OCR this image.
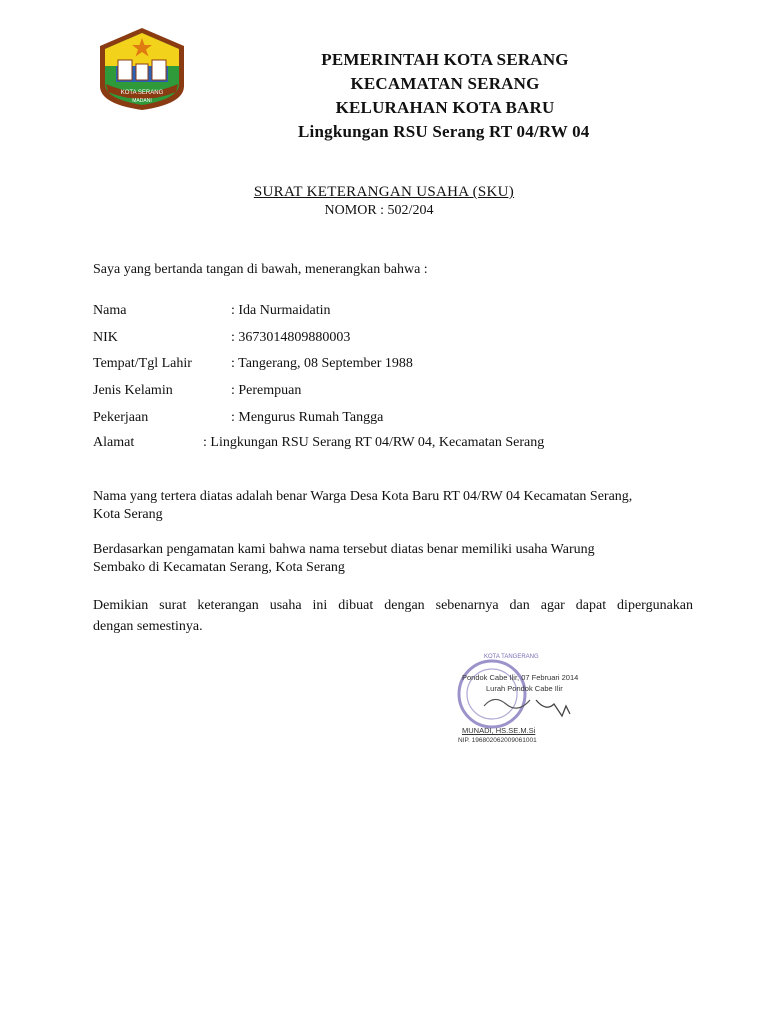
KOTA SERANG
MADANI
PEMERINTAH KOTA SERANG
KECAMATAN SERANG
KELURAHAN KOTA BARU
Lingkungan RSU Serang RT 04/RW 04
SURAT KETERANGAN USAHA (SKU)
NOMOR : 502/204
Saya yang bertanda tangan di bawah, menerangkan bahwa :
Nama	: Ida Nurmaidatin
NIK	: 3673014809880003
Tempat/Tgl Lahir	: Tangerang, 08 September 1988
Jenis Kelamin	: Perempuan
Pekerjaan	: Mengurus Rumah Tangga
Alamat	: Lingkungan RSU Serang RT 04/RW 04, Kecamatan Serang
Nama yang tertera diatas adalah benar Warga Desa Kota Baru RT 04/RW 04 Kecamatan Serang,
Kota Serang
Berdasarkan pengamatan kami bahwa nama tersebut diatas benar memiliki usaha Warung
Sembako di Kecamatan Serang, Kota Serang
Demikian surat keterangan usaha ini dibuat dengan sebenarnya dan agar dapat dipergunakan
dengan semestinya.
KOTA TANGERANG
Pondok Cabe Ilir, 07 Februari 2014
Lurah Pondok Cabe Ilir
MUNADI, HS.SE.M.Si
NIP. 196802062009061001
